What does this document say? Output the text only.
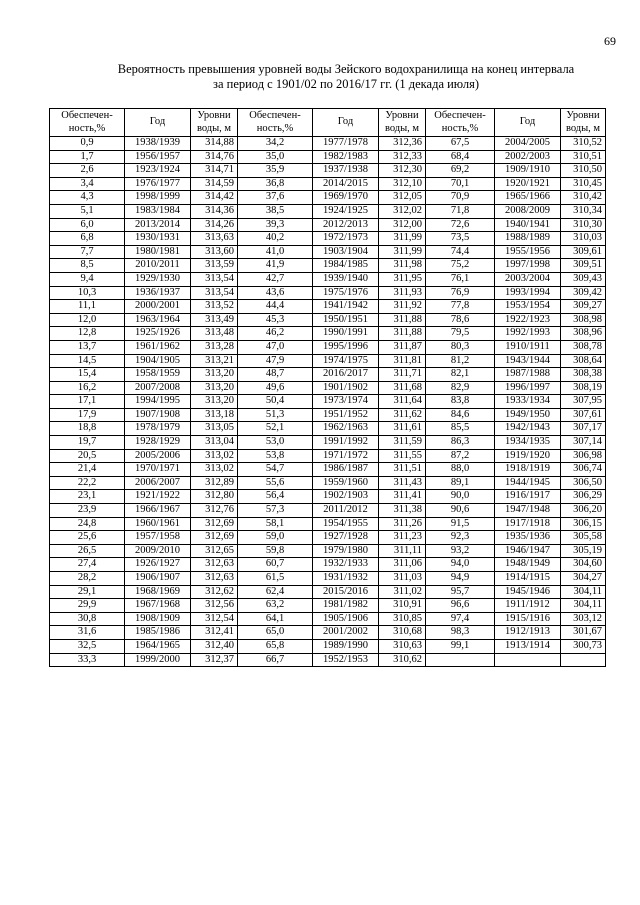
69
Вероятность превышения уровней воды Зейского водохранилища на конец интервала
за период с 1901/02 по 2016/17 гг. (1 декада июля)
Обеспечен-ность,%	Год	Уровни воды, м	Обеспечен-ность,%	Год	Уровни воды, м	Обеспечен-ность,%	Год	Уровни воды, м
0,9	1938/1939	314,88	34,2	1977/1978	312,36	67,5	2004/2005	310,52
1,7	1956/1957	314,76	35,0	1982/1983	312,33	68,4	2002/2003	310,51
2,6	1923/1924	314,71	35,9	1937/1938	312,30	69,2	1909/1910	310,50
3,4	1976/1977	314,59	36,8	2014/2015	312,10	70,1	1920/1921	310,45
4,3	1998/1999	314,42	37,6	1969/1970	312,05	70,9	1965/1966	310,42
5,1	1983/1984	314,36	38,5	1924/1925	312,02	71,8	2008/2009	310,34
6,0	2013/2014	314,26	39,3	2012/2013	312,00	72,6	1940/1941	310,30
6,8	1930/1931	313,63	40,2	1972/1973	311,99	73,5	1988/1989	310,03
7,7	1980/1981	313,60	41,0	1903/1904	311,99	74,4	1955/1956	309,61
8,5	2010/2011	313,59	41,9	1984/1985	311,98	75,2	1997/1998	309,51
9,4	1929/1930	313,54	42,7	1939/1940	311,95	76,1	2003/2004	309,43
10,3	1936/1937	313,54	43,6	1975/1976	311,93	76,9	1993/1994	309,42
11,1	2000/2001	313,52	44,4	1941/1942	311,92	77,8	1953/1954	309,27
12,0	1963/1964	313,49	45,3	1950/1951	311,88	78,6	1922/1923	308,98
12,8	1925/1926	313,48	46,2	1990/1991	311,88	79,5	1992/1993	308,96
13,7	1961/1962	313,28	47,0	1995/1996	311,87	80,3	1910/1911	308,78
14,5	1904/1905	313,21	47,9	1974/1975	311,81	81,2	1943/1944	308,64
15,4	1958/1959	313,20	48,7	2016/2017	311,71	82,1	1987/1988	308,38
16,2	2007/2008	313,20	49,6	1901/1902	311,68	82,9	1996/1997	308,19
17,1	1994/1995	313,20	50,4	1973/1974	311,64	83,8	1933/1934	307,95
17,9	1907/1908	313,18	51,3	1951/1952	311,62	84,6	1949/1950	307,61
18,8	1978/1979	313,05	52,1	1962/1963	311,61	85,5	1942/1943	307,17
19,7	1928/1929	313,04	53,0	1991/1992	311,59	86,3	1934/1935	307,14
20,5	2005/2006	313,02	53,8	1971/1972	311,55	87,2	1919/1920	306,98
21,4	1970/1971	313,02	54,7	1986/1987	311,51	88,0	1918/1919	306,74
22,2	2006/2007	312,89	55,6	1959/1960	311,43	89,1	1944/1945	306,50
23,1	1921/1922	312,80	56,4	1902/1903	311,41	90,0	1916/1917	306,29
23,9	1966/1967	312,76	57,3	2011/2012	311,38	90,6	1947/1948	306,20
24,8	1960/1961	312,69	58,1	1954/1955	311,26	91,5	1917/1918	306,15
25,6	1957/1958	312,69	59,0	1927/1928	311,23	92,3	1935/1936	305,58
26,5	2009/2010	312,65	59,8	1979/1980	311,11	93,2	1946/1947	305,19
27,4	1926/1927	312,63	60,7	1932/1933	311,06	94,0	1948/1949	304,60
28,2	1906/1907	312,63	61,5	1931/1932	311,03	94,9	1914/1915	304,27
29,1	1968/1969	312,62	62,4	2015/2016	311,02	95,7	1945/1946	304,11
29,9	1967/1968	312,56	63,2	1981/1982	310,91	96,6	1911/1912	304,11
30,8	1908/1909	312,54	64,1	1905/1906	310,85	97,4	1915/1916	303,12
31,6	1985/1986	312,41	65,0	2001/2002	310,68	98,3	1912/1913	301,67
32,5	1964/1965	312,40	65,8	1989/1990	310,63	99,1	1913/1914	300,73
33,3	1999/2000	312,37	66,7	1952/1953	310,62			
